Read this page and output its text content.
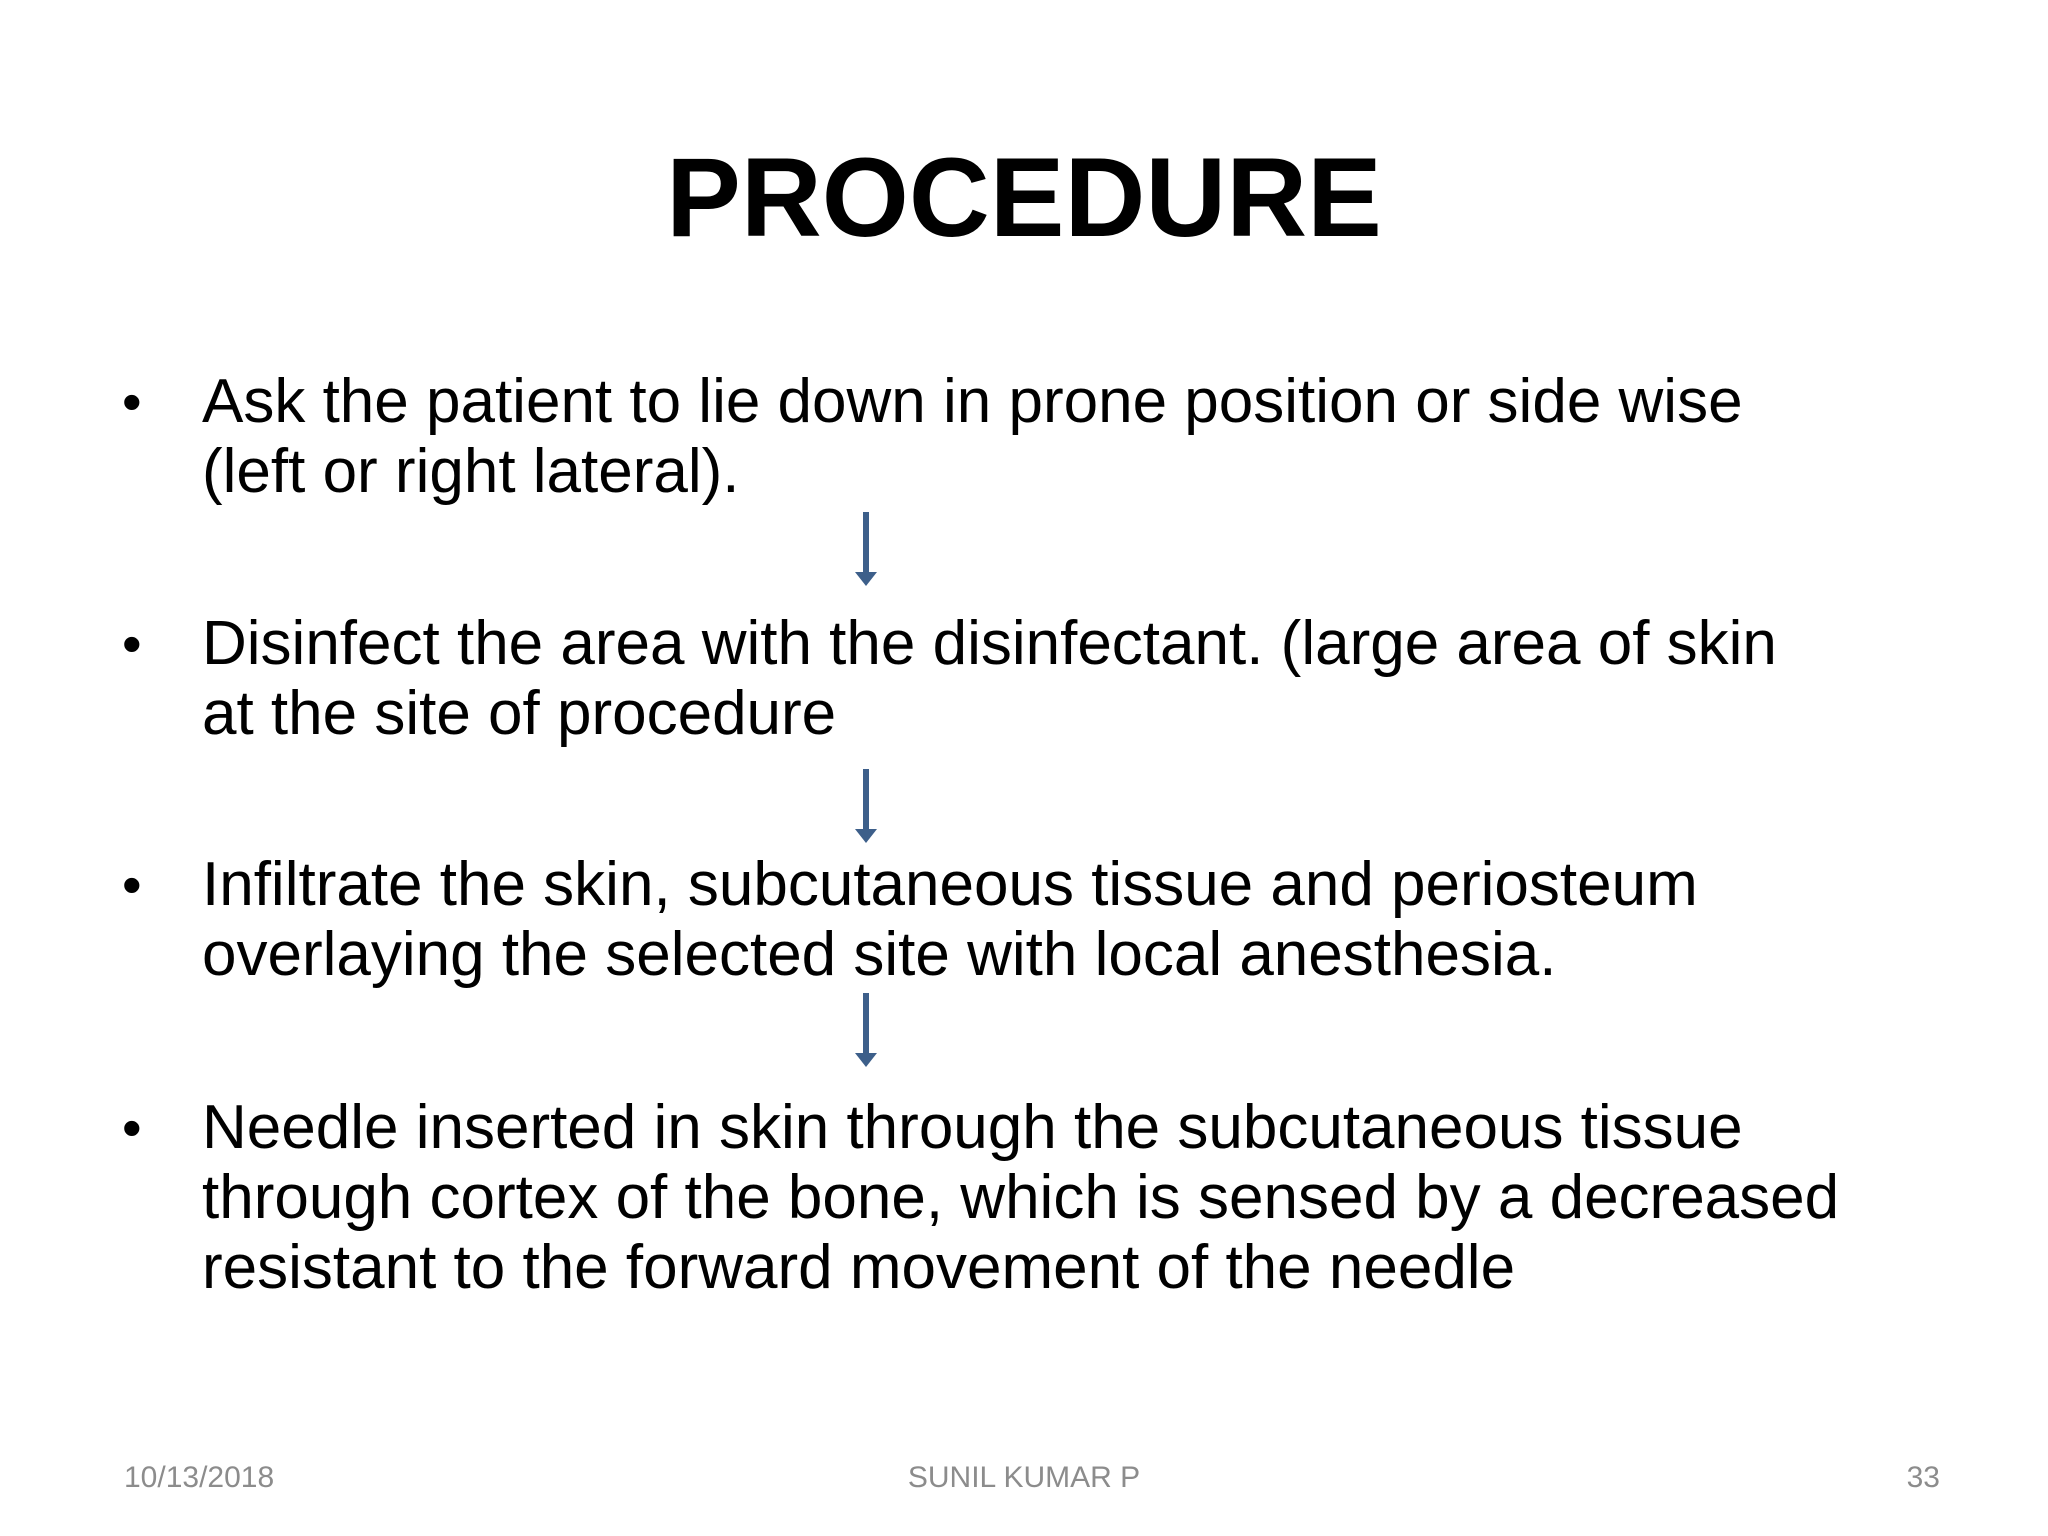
PROCEDURE
• Ask the patient to lie down in prone position or side wise
(left or right lateral).
• Disinfect the area with the disinfectant. (large area of skin
at the site of procedure
• Infiltrate the skin, subcutaneous tissue and periosteum
overlaying the selected site with local anesthesia.
• Needle inserted in skin through the subcutaneous tissue
through cortex of the bone, which is sensed by a decreased
resistant to the forward movement of the needle
10/13/2018	SUNIL KUMAR P	33
